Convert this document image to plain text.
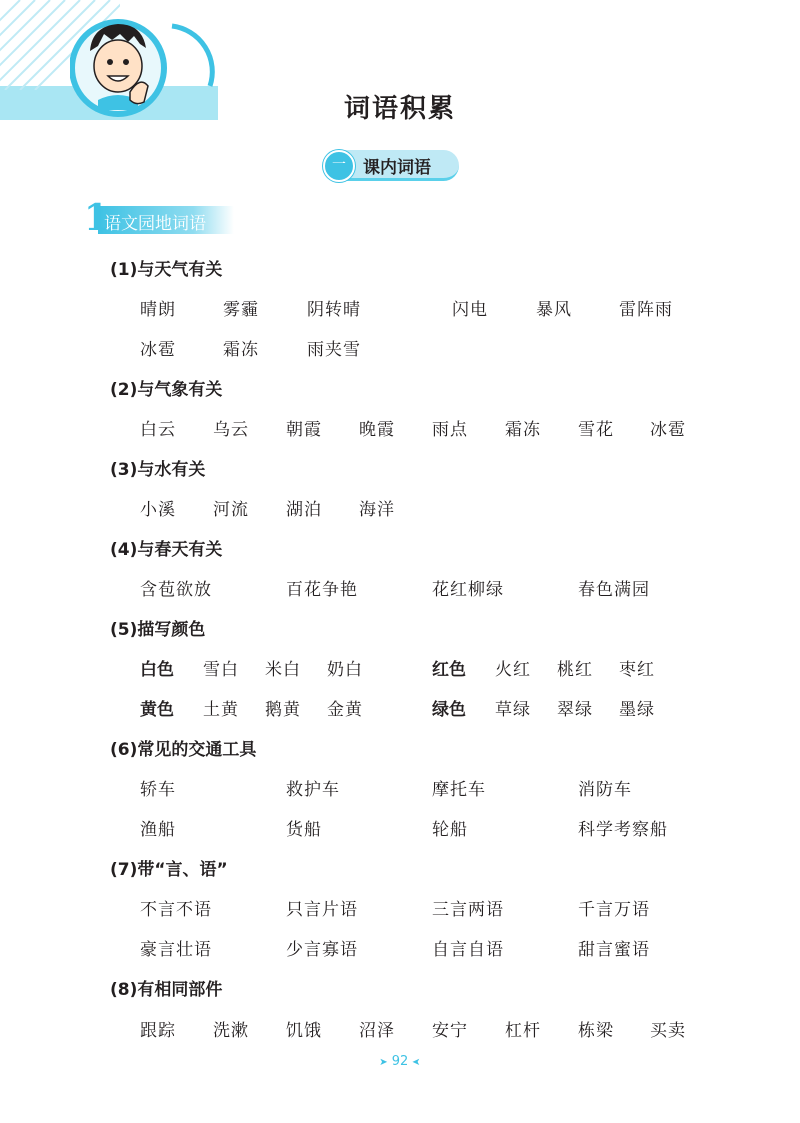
词语积累
一	课内词语
1
语文园地词语
(1)与天气有关
晴朗	雾霾	阴转晴	闪电	暴风	雷阵雨
冰雹	霜冻	雨夹雪
(2)与气象有关
白云 乌云 朝霞 晚霞 雨点 霜冻 雪花 冰雹
(3)与水有关
小溪 河流 湖泊 海洋
(4)与春天有关
含苞欲放	百花争艳	花红柳绿	春色满园
(5)描写颜色
白色 雪白 米白 奶白	红色 火红 桃红 枣红
黄色 土黄 鹅黄 金黄	绿色 草绿 翠绿 墨绿
(6)常见的交通工具
轿车	救护车	摩托车	消防车
渔船	货船	轮船	科学考察船
(7)带“言、语”
不言不语	只言片语	三言两语	千言万语
豪言壮语	少言寡语	自言自语	甜言蜜语
(8)有相同部件
跟踪 洗漱 饥饿 沼泽 安宁 杠杆 栋梁 买卖
➤ 92 ➤
